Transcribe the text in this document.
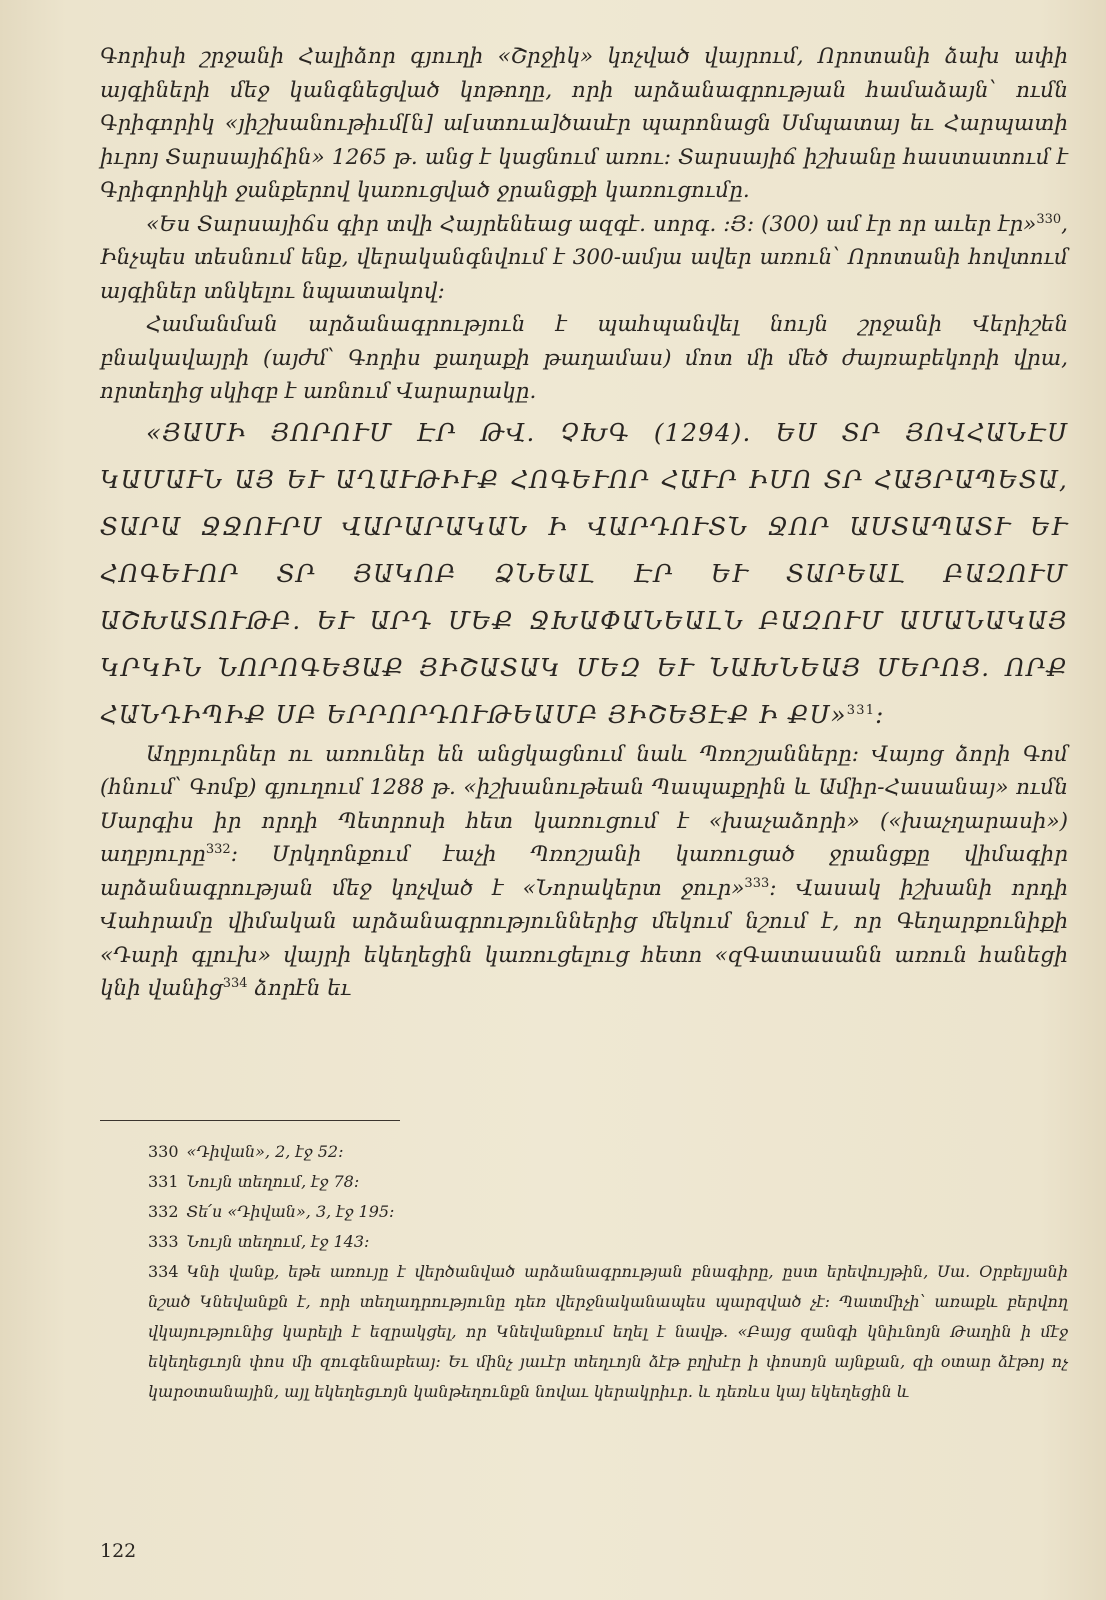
Գորիսի շրջանի Հալիձոր գյուղի «Շրջիկ» կոչված վայրում, Որոտանի ձախ ափի այգիների մեջ կանգնեցված կոթողը, որի արձանագրության համաձայն՝ ումն Գրիգորիկ «յիշխանութիւմ[ն] ա[ստուա]ծասէր պարոնացն Սմպատայ եւ Հարպատի իւրոյ Տարսայիճին» 1265 թ. անց է կացնում առու։ Տարսայիճ իշխանը հաստատում է Գրիգորիկի ջանքերով կառուցված ջրանցքի կառուցումը.

«Ես Տարսայիճս գիր տվի Հայրենեաց ազգէ. սորգ. ։Յ։ (300) ամ էր որ աւեր էր»$^{330}$, Ինչպես տեսնում ենք, վերականգնվում է 300-ամյա ավեր առուն՝ Որոտանի հովտում այգիներ տնկելու նպատակով։

Համանման արձանագրություն է պահպանվել նույն շրջանի Վերիշեն բնակավայրի (այժմ՝ Գորիս քաղաքի թաղամաս) մոտ մի մեծ ժայռաբեկորի վրա, որտեղից սկիզբ է առնում Վարարակը.

«ՅԱՄԻ ՅՈՐՈՒՄ ԷՐ ԹՎ. ՉԽԳ (1294). ԵՍ ՏՐ ՅՈՎՀԱՆԷՍ ԿԱՄԱՒՆ ԱՅ ԵՒ ԱՂԱՒԹԻՒՔ ՀՈԳԵՒՈՐ ՀԱՒՐ ԻՄՈ ՏՐ ՀԱՅՐԱՊԵՏԱ, ՏԱՐԱ ՋՋՈՒՐՍ ՎԱՐԱՐԱԿԱՆ Ի ՎԱՐԴՈՒՏՆ ՋՈՐ ԱՍՏԱՊԱՏՒ ԵՒ ՀՈԳԵՒՈՐ ՏՐ ՅԱԿՈԲ ՁՆԵԱԼ ԷՐ ԵՒ ՏԱՐԵԱԼ ԲԱԶՈՒՄ ԱՇԽԱՏՈՒԹԲ. ԵՒ ԱՐԴ ՄԵՔ ՋԽԱՓԱՆԵԱԼՆ ԲԱԶՈՒՄ ԱՄԱՆԱԿԱՅ ԿՐԿԻՆ ՆՈՐՈԳԵՑԱՔ ՅԻՇԱՏԱԿ ՄԵԶ ԵՒ ՆԱԽՆԵԱՅ ՄԵՐՈՑ. ՈՐՔ ՀԱՆԴԻՊԻՔ ՍԲ ԵՐՐՈՐԴՈՒԹԵԱՄԲ ՅԻՇԵՑԷՔ Ի ՔՍ»$^{331}$։

Աղբյուրներ ու առուներ են անցկացնում նաև Պռոշյանները։ Վայոց ձորի Գոմ (հնում՝ Գոմք) գյուղում 1288 թ. «իշխանութեան Պապաքրին և Ամիր-Հասանայ» ումն Սարգիս իր որդի Պետրոսի հետ կառուցում է «խաչաձորի» («խաչղարասի») աղբյուրը$^{332}$։ Սրկղոնքում էաչի Պռոշյանի կառուցած ջրանցքը վիմագիր արձանագրության մեջ կոչված է «Նորակերտ ջուր»$^{333}$։ Վասակ իշխանի որդի Վահրամը վիմական արձանագրություններից մեկում նշում է, որ Գեղարքունիքի «Դարի գլուխ» վայրի եկեղեցին կառուցելուց հետո «զԳատասանն առուն հանեցի կնի վանից$^{334}$ ձորէն եւ

330 «Դիվան», 2, էջ 52։

331 Նույն տեղում, էջ 78։

332 Տե՛ս «Դիվան», 3, էջ 195։

333 Նույն տեղում, էջ 143։

334 Կնի վանք, եթե առույը է վերծանված արձանագրության բնագիրը, ըստ երեվույթին, Սա. Օրբելյանի նշած Կնեվանքն է, որի տեղադրությունը դեռ վերջնականապես պարզված չէ։ Պատմիչի՝ առաքև բերվող վկայությունից կարելի է եզրակցել, որ Կնեվանքում եղել է նավթ. «Բայց զանգի կնիւնոյն Թաղին ի մէջ եկեղեցւոյն փոս մի զուգենաբեայ։ Եւ մինչ յաւէր տեղւոյն ձէթ բղխէր ի փոսոյն այնքան, զի օտար ձէթոյ ոչ կարօտանային, այլ եկեղեցւոյն կանթեղունքն նովաւ կերակրիւր. և դեռևս կայ եկեղեցին և

122
